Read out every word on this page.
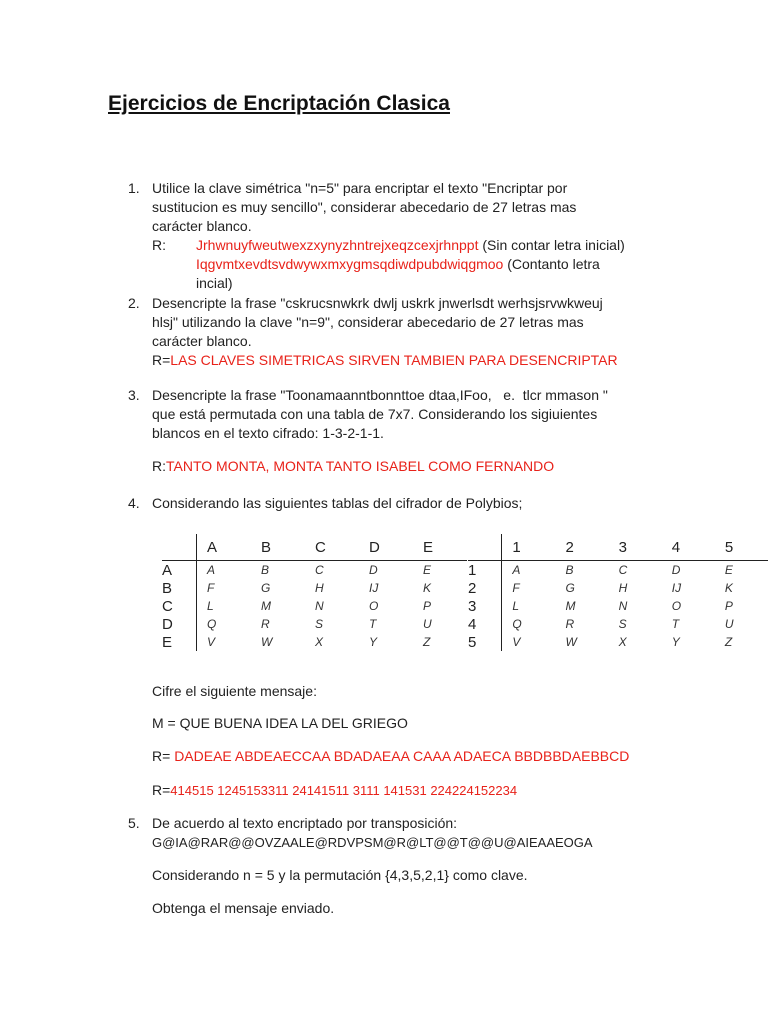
Ejercicios de Encriptación Clasica
1. Utilice la clave simétrica "n=5" para encriptar el texto "Encriptar por
sustitucion es muy sencillo", considerar abecedario de 27 letras mas
carácter blanco.
R:	Jrhwnuyfweutwexzxynyzhntrejxeqzcexjrhnppt (Sin contar letra inicial)
Iqgvmtxevdtsvdwywxmxygmsqdiwdpubdwiqgmoo (Contanto letra
incial)
2. Desencripte la frase "cskrucsnwkrk dwlj uskrk jnwerlsdt werhsjsrvwkweuj
hlsj" utilizando la clave "n=9", considerar abecedario de 27 letras mas
carácter blanco.
R=LAS CLAVES SIMETRICAS SIRVEN TAMBIEN PARA DESENCRIPTAR
3. Desencripte la frase "Toonamaanntbonnttoe dtaa,IFoo,   e.  tlcr mmason "
que está permutada con una tabla de 7x7. Considerando los sigiuientes
blancos en el texto cifrado: 1-3-2-1-1.
R:TANTO MONTA, MONTA TANTO ISABEL COMO FERNANDO
4. Considerando las siguientes tablas del cifrador de Polybios;
	A	B	C	D	E
A	A	B	C	D	E
B	F	G	H	IJ	K
C	L	M	N	O	P
D	Q	R	S	T	U
E	V	W	X	Y	Z
	1	2	3	4	5
1	A	B	C	D	E
2	F	G	H	IJ	K
3	L	M	N	O	P
4	Q	R	S	T	U
5	V	W	X	Y	Z
Cifre el siguiente mensaje:
M = QUE BUENA IDEA LA DEL GRIEGO
R= DADEAE ABDEAECCAA BDADAEAA CAAA ADAECA BBDBBDAEBBCD
R=414515 1245153311 24141511 3111 141531 224224152234
5. De acuerdo al texto encriptado por transposición:
G@IA@RAR@@OVZAALE@RDVPSM@R@LT@@T@@U@AIEAAEOGA
Considerando n = 5 y la permutación {4,3,5,2,1} como clave.
Obtenga el mensaje enviado.
